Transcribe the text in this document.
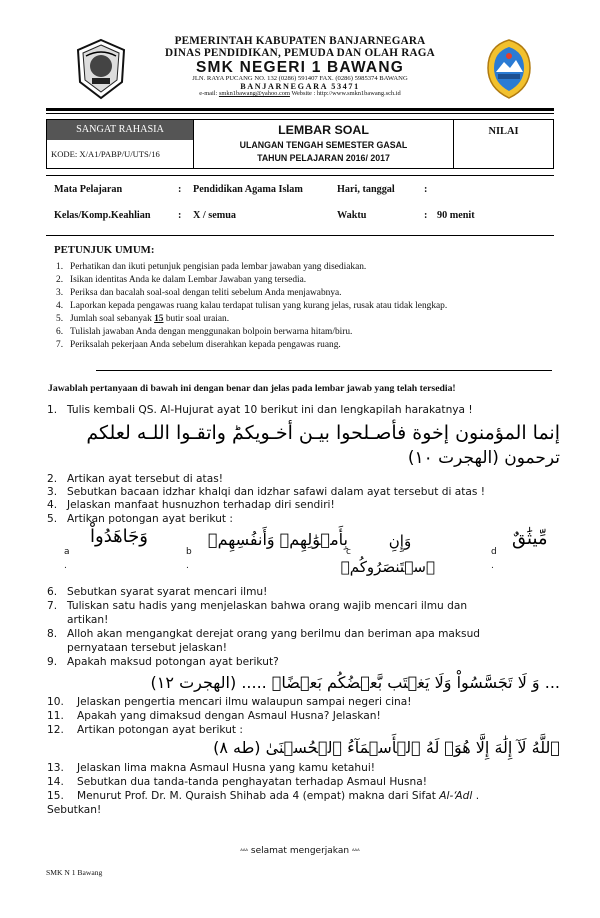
PEMERINTAH KABUPATEN BANJARNEGARA
DINAS PENDIDIKAN, PEMUDA DAN OLAH RAGA
SMK NEGERI 1 BAWANG
JLN. RAYA PUCANG NO. 132 (0286) 591407 FAX. (0286) 5985374 BAWANG
BANJARNEGARA 53471
e-mail: smkn1bawang@yahoo.com Website : http://www.smkn1bawang.sch.id
SANGAT RAHASIA
KODE: X/A1/PABP/U/UTS/16
LEMBAR SOAL
ULANGAN TENGAH SEMESTER GASAL
TAHUN PELAJARAN 2016/ 2017
NILAI
Mata Pelajaran	: Pendidikan Agama Islam	Hari, tanggal	:
Kelas/Komp.Keahlian	: X / semua	Waktu	: 90 menit
PETUNJUK UMUM:
1. Perhatikan dan ikuti petunjuk pengisian pada lembar jawaban yang disediakan.
2. Isikan identitas Anda ke dalam Lembar Jawaban yang tersedia.
3. Periksa dan bacalah soal-soal dengan teliti sebelum Anda menjawabnya.
4. Laporkan kepada pengawas ruang kalau terdapat tulisan yang kurang jelas, rusak atau tidak lengkap.
5. Jumlah soal sebanyak 15 butir soal uraian.
6. Tulislah jawaban Anda dengan menggunakan bolpoin berwarna hitam/biru.
7. Periksalah pekerjaan Anda sebelum diserahkan kepada pengawas ruang.
Jawablah pertanyaan di bawah ini dengan benar dan jelas pada lembar jawab yang telah tersedia!
1. Tulis kembali QS. Al-Hujurat ayat 10 berikut ini dan lengkapilah harakatnya !
إنما المؤمنون إخوة فأصـلحوا بيـن أخـويكمؕ واتقـوا اللـه لعلكم
ترحمون (الهجرت ١٠)
2. Artikan ayat tersebut di atas!
3. Sebutkan bacaan idzhar khalqi dan idzhar safawi dalam ayat tersebut di atas !
4. Jelaskan manfaat husnuzhon terhadap diri sendiri!
5. Artikan potongan ayat berikut :
a
.
وَجَاهَدُواْ
b
.
بِأَمۡوَٰلِهِمۡ وَأَنفُسِهِمۡ
c
وَإِنِ ٱسۡتَنصَرُوكُمۡ
d
.
مِّيثَٰقٌ
6. Sebutkan syarat syarat mencari ilmu!
7. Tuliskan satu hadis yang menjelaskan bahwa orang wajib mencari ilmu dan
artikan!
8. Alloh akan mengangkat derejat orang yang berilmu dan beriman apa maksud
pernyataan tersebut jelaskan!
9. Apakah maksud potongan ayat berikut?
... وَ لَا تَجَسَّسُواْ وَلَا يَغۡتَب بَّعۡضُكُم بَعۡضًاۚ ..... (الهجرت ١٢)
10. Jelaskan pengertia mencari ilmu walaupun sampai negeri cina!
11. Apakah yang dimaksud dengan Asmaul Husna? Jelaskan!
12. Artikan potongan ayat berikut :
ٱللَّهُ لَآ إِلَٰهَ إِلَّا هُوَۖ لَهُ ٱلۡأَسۡمَآءُ ٱلۡحُسۡنَىٰ (طه ٨)
13. Jelaskan lima makna Asmaul Husna yang kamu ketahui!
14. Sebutkan dua tanda-tanda penghayatan terhadap Asmaul Husna!
15. Menurut Prof. Dr. M. Quraish Shihab ada 4 (empat) makna dari Sifat Al-‘Adl .
Sebutkan!
ᴬᴬᴬ selamat mengerjakan ᴬᴬᴬ
SMK N 1 Bawang
